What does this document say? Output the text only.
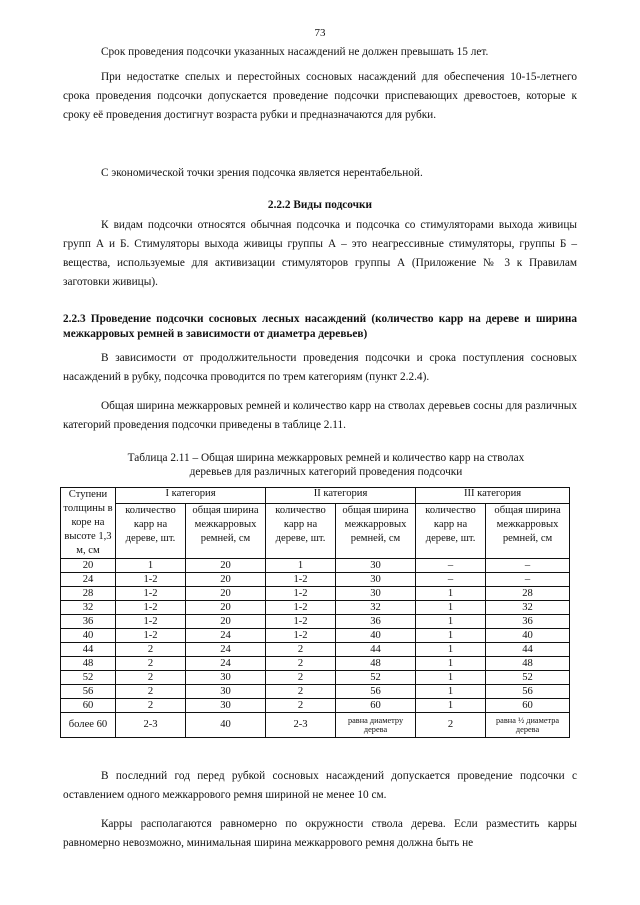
73
Срок проведения подсочки указанных насаждений не должен превышать 15 лет.
При недостатке спелых и перестойных сосновых насаждений для обеспечения 10-15-летнего срока проведения подсочки допускается проведение подсочки приспевающих древостоев, которые к сроку её проведения достигнут возраста рубки и предназначаются для рубки.
С экономической точки зрения подсочка является нерентабельной.
2.2.2 Виды подсочки
К видам подсочки относятся обычная подсочка и подсочка со стимуляторами выхода живицы групп А и Б. Стимуляторы выхода живицы группы А – это неагрессивные стимуляторы, группы Б – вещества, используемые для активизации стимуляторов группы А (Приложение № 3 к Правилам заготовки живицы).
2.2.3 Проведение подсочки сосновых лесных насаждений (количество карр на дереве и ширина межкарровых ремней в зависимости от диаметра деревьев)
В зависимости от продолжительности проведения подсочки и срока поступления сосновых насаждений в рубку, подсочка проводится по трем категориям (пункт 2.2.4).
Общая ширина межкарровых ремней и количество карр на стволах деревьев сосны для различных категорий проведения подсочки приведены в таблице 2.11.
Таблица 2.11 – Общая ширина межкарровых ремней и количество карр на стволах
деревьев для различных категорий проведения подсочки
Ступени толщины в коре на высоте 1,3 м, см	I категория		II категория		III категория	
	количество карр на дереве, шт.	общая ширина межкарровых ремней, см	количество карр на дереве, шт.	общая ширина межкарровых ремней, см	количество карр на дереве, шт.	общая ширина межкарровых ремней, см
20	1	20	1	30	–	–
24	1-2	20	1-2	30	–	–
28	1-2	20	1-2	30	1	28
32	1-2	20	1-2	32	1	32
36	1-2	20	1-2	36	1	36
40	1-2	24	1-2	40	1	40
44	2	24	2	44	1	44
48	2	24	2	48	1	48
52	2	30	2	52	1	52
56	2	30	2	56	1	56
60	2	30	2	60	1	60
более 60	2-3	40	2-3	равна диаметру дерева	2	равна ½ диаметра дерева
В последний год перед рубкой сосновых насаждений допускается проведение подсочки с оставлением одного межкаррового ремня шириной не менее 10 см.
Карры располагаются равномерно по окружности ствола дерева. Если разместить карры равномерно невозможно, минимальная ширина межкаррового ремня должна быть не
